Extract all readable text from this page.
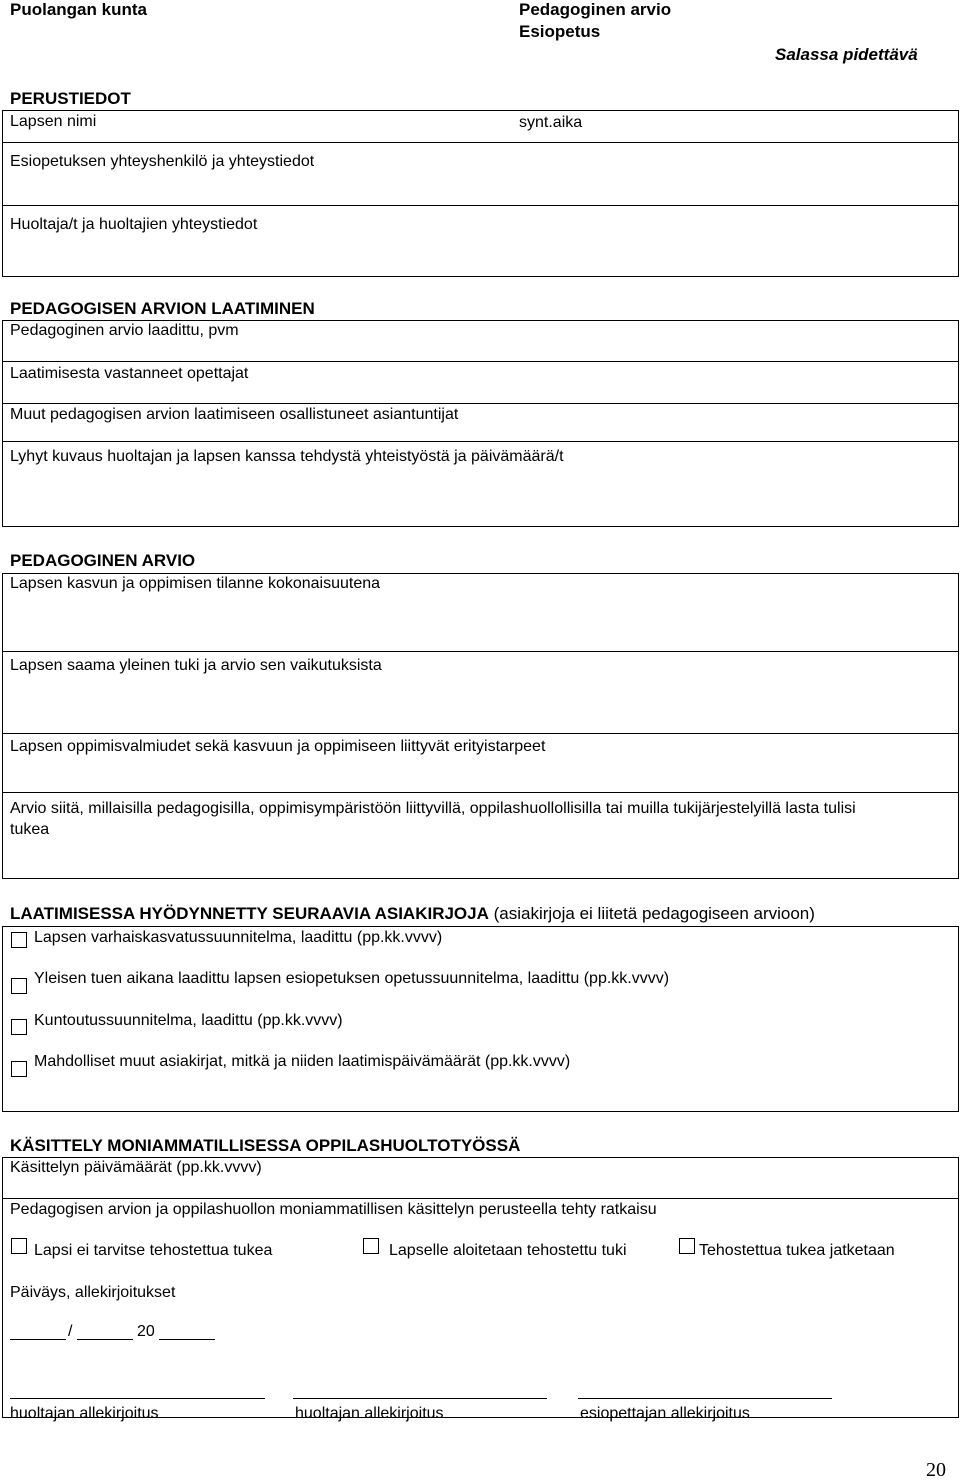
Puolangan kunta	Pedagoginen arvio
Esiopetus
Salassa pidettävä
PERUSTIEDOT
Lapsen nimi	synt.aika
Esiopetuksen yhteyshenkilö ja yhteystiedot
Huoltaja/t ja huoltajien yhteystiedot
PEDAGOGISEN ARVION LAATIMINEN
Pedagoginen arvio laadittu, pvm
Laatimisesta vastanneet opettajat
Muut pedagogisen arvion laatimiseen osallistuneet asiantuntijat
Lyhyt kuvaus huoltajan ja lapsen kanssa tehdystä yhteistyöstä ja päivämäärä/t
PEDAGOGINEN ARVIO
Lapsen kasvun ja oppimisen tilanne kokonaisuutena
Lapsen saama yleinen tuki ja arvio sen vaikutuksista
Lapsen oppimisvalmiudet sekä kasvuun ja oppimiseen liittyvät erityistarpeet
Arvio siitä, millaisilla pedagogisilla, oppimisympäristöön liittyvillä, oppilashuollollisilla tai muilla tukijärjestelyillä lasta tulisi
tukea
LAATIMISESSA HYÖDYNNETTY SEURAAVIA ASIAKIRJOJA (asiakirjoja ei liitetä pedagogiseen arvioon)
Lapsen varhaiskasvatussuunnitelma, laadittu (pp.kk.vvvv)
Yleisen tuen aikana laadittu lapsen esiopetuksen opetussuunnitelma, laadittu (pp.kk.vvvv)
Kuntoutussuunnitelma, laadittu (pp.kk.vvvv)
Mahdolliset muut asiakirjat, mitkä ja niiden laatimispäivämäärät (pp.kk.vvvv)
KÄSITTELY MONIAMMATILLISESSA OPPILASHUOLTOTYÖSSÄ
Käsittelyn päivämäärät (pp.kk.vvvv)
Pedagogisen arvion ja oppilashuollon moniammatillisen käsittelyn perusteella tehty ratkaisu
Lapsi ei tarvitse tehostettua tukea	Lapselle aloitetaan tehostettu tuki	Tehostettua tukea jatketaan
Päiväys, allekirjoitukset
/	20
huoltajan allekirjoitus	huoltajan allekirjoitus	esiopettajan allekirjoitus
20
